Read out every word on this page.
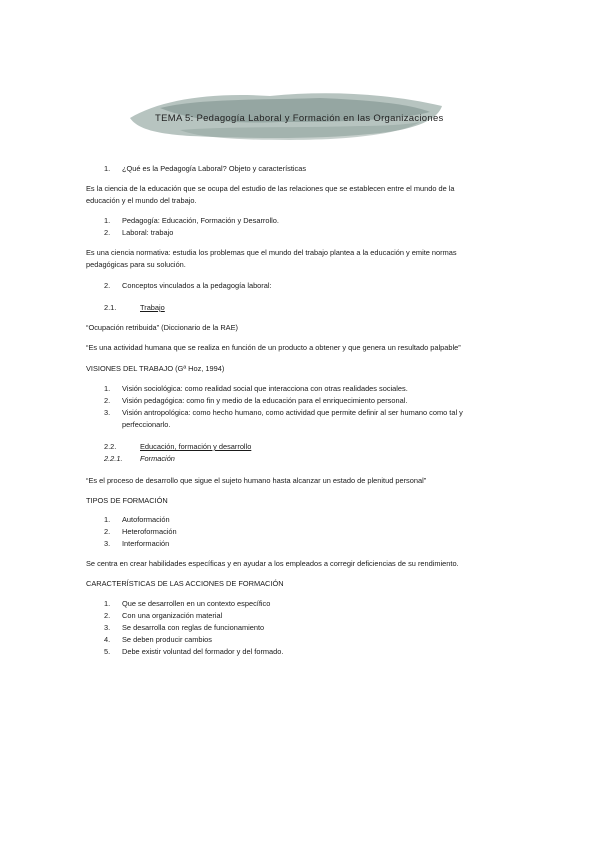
TEMA 5: Pedagogía Laboral y Formación en las Organizaciones
1. ¿Qué es la Pedagogía Laboral? Objeto y características
Es la ciencia de la educación que se ocupa del estudio de las relaciones que se establecen entre el mundo de la
educación y el mundo del trabajo.
1. Pedagogía: Educación, Formación y Desarrollo.
2. Laboral: trabajo
Es una ciencia normativa: estudia los problemas que el mundo del trabajo plantea a la educación y emite normas
pedagógicas para su solución.
2. Conceptos vinculados a la pedagogía laboral:
2.1.	Trabajo
“Ocupación retribuida” (Diccionario de la RAE)
“Es una actividad humana que se realiza en función de un producto a obtener y que genera un resultado palpable”
VISIONES DEL TRABAJO (Gª Hoz, 1994)
1. Visión sociológica: como realidad social que interacciona con otras realidades sociales.
2. Visión pedagógica: como fin y medio de la educación para el enriquecimiento personal.
3. Visión antropológica: como hecho humano, como actividad que permite definir al ser humano como tal y
perfeccionarlo.
2.2.	Educación, formación y desarrollo
2.2.1. Formación
“Es el proceso de desarrollo que sigue el sujeto humano hasta alcanzar un estado de plenitud personal”
TIPOS DE FORMACIÓN
1. Autoformación
2. Heteroformación
3. Interformación
Se centra en crear habilidades específicas y en ayudar a los empleados a corregir deficiencias de su rendimiento.
CARACTERÍSTICAS DE LAS ACCIONES DE FORMACIÓN
1. Que se desarrollen en un contexto específico
2. Con una organización material
3. Se desarrolla con reglas de funcionamiento
4. Se deben producir cambios
5. Debe existir voluntad del formador y del formado.
